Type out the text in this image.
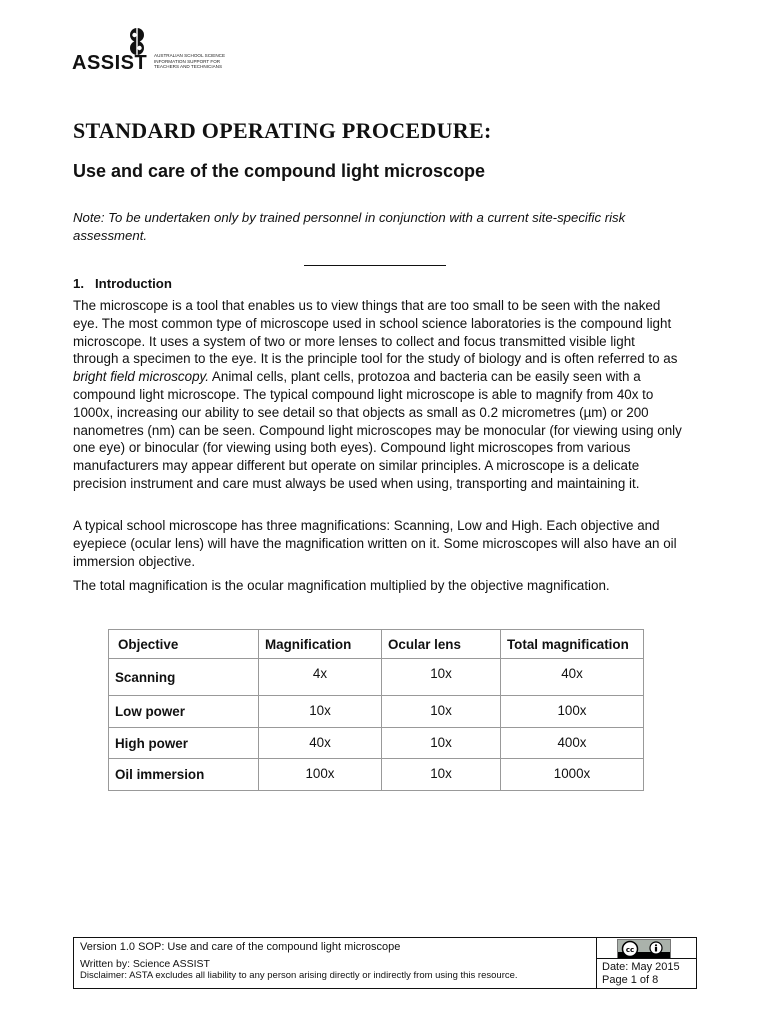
ASSIST AUSTRALIAN SCHOOL SCIENCE INFORMATION SUPPORT FOR TEACHERS AND TECHNICIANS
STANDARD OPERATING PROCEDURE:
Use and care of the compound light microscope
Note: To be undertaken only by trained personnel in conjunction with a current site-specific risk assessment.
1. Introduction
The microscope is a tool that enables us to view things that are too small to be seen with the naked eye. The most common type of microscope used in school science laboratories is the compound light microscope. It uses a system of two or more lenses to collect and focus transmitted visible light through a specimen to the eye. It is the principle tool for the study of biology and is often referred to as bright field microscopy. Animal cells, plant cells, protozoa and bacteria can be easily seen with a compound light microscope. The typical compound light microscope is able to magnify from 40x to 1000x, increasing our ability to see detail so that objects as small as 0.2 micrometres (µm) or 200 nanometres (nm) can be seen. Compound light microscopes may be monocular (for viewing using only one eye) or binocular (for viewing using both eyes). Compound light microscopes from various manufacturers may appear different but operate on similar principles. A microscope is a delicate precision instrument and care must always be used when using, transporting and maintaining it.
A typical school microscope has three magnifications: Scanning, Low and High. Each objective and eyepiece (ocular lens) will have the magnification written on it. Some microscopes will also have an oil immersion objective.
The total magnification is the ocular magnification multiplied by the objective magnification.
Objective	Magnification	Ocular lens	Total magnification
Scanning	4x	10x	40x
Low power	10x	10x	100x
High power	40x	10x	400x
Oil immersion	100x	10x	1000x
Version 1.0 SOP: Use and care of the compound light microscope
Written by: Science ASSIST
Disclaimer: ASTA excludes all liability to any person arising directly or indirectly from using this resource.
cc
Date: May 2015
Page 1 of 8
